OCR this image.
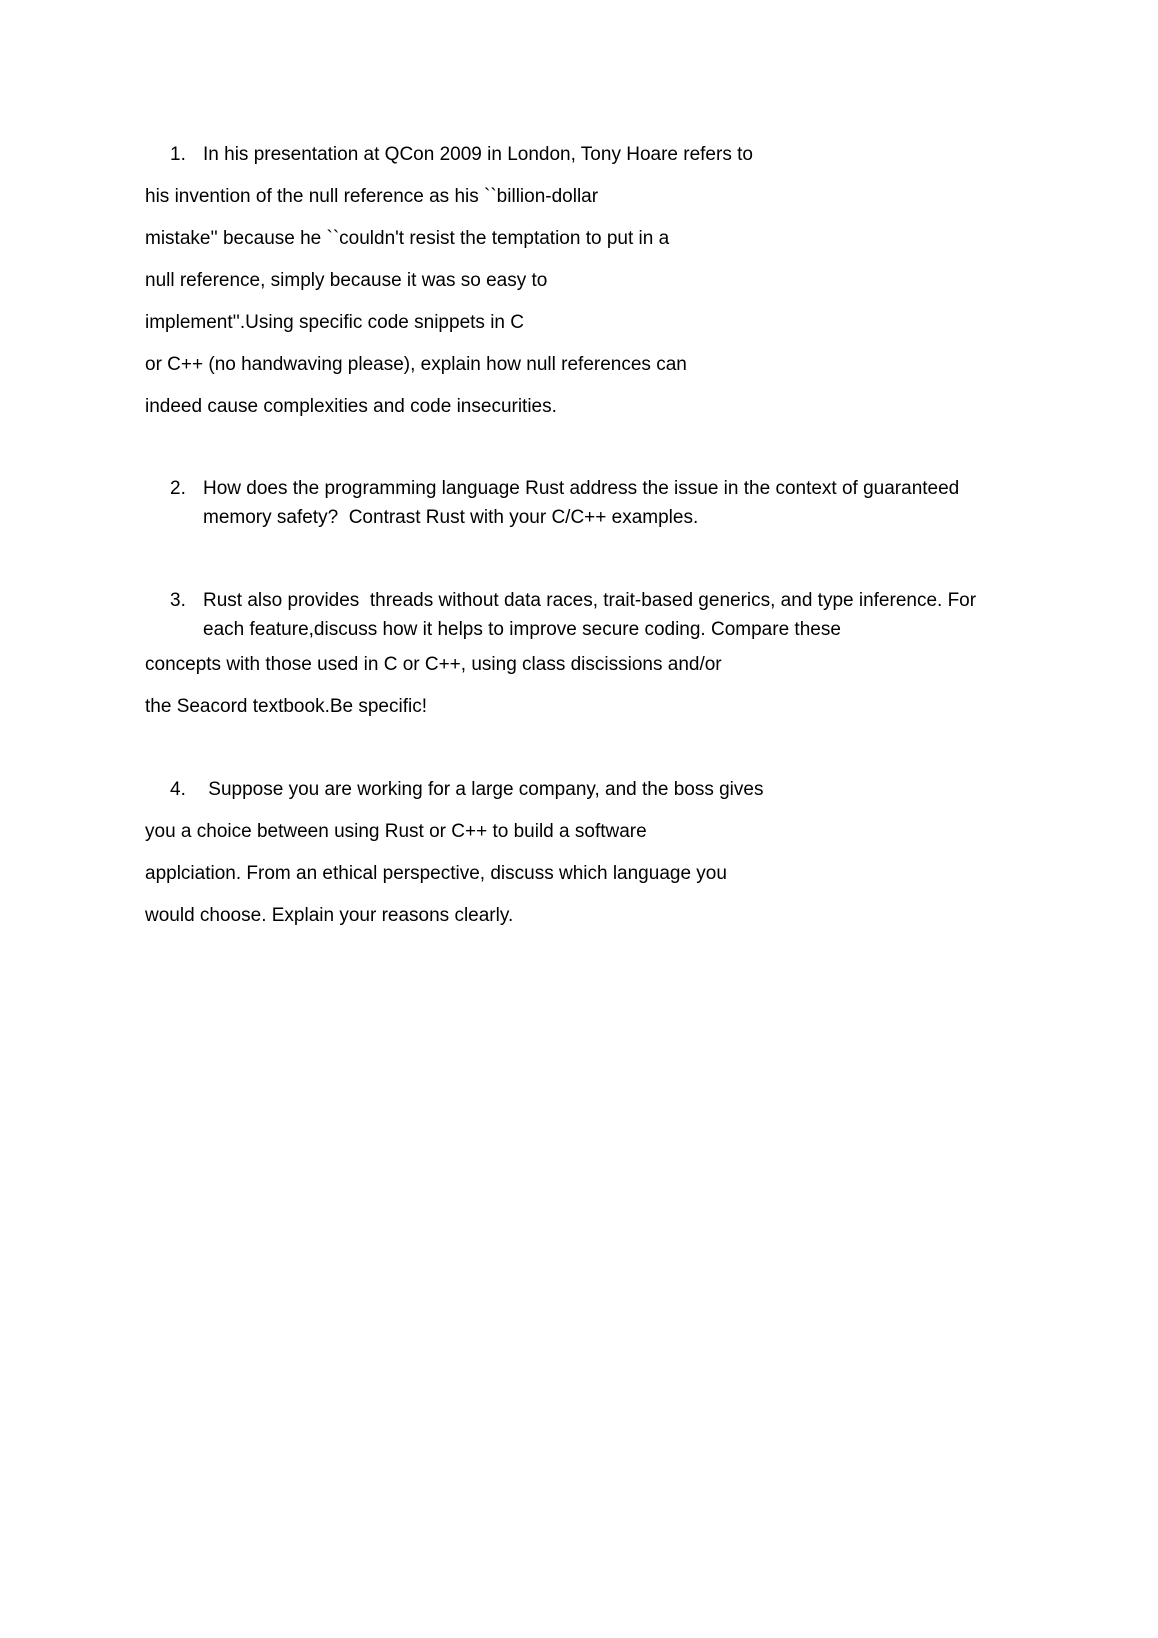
1. In his presentation at QCon 2009 in London, Tony Hoare refers to
his invention of the null reference as his ``billion-dollar
mistake'' because he ``couldn't resist the temptation to put in a
null reference, simply because it was so easy to
implement''.Using specific code snippets in C
or C++ (no handwaving please), explain how null references can
indeed cause complexities and code insecurities.
2. How does the programming language Rust address the issue in the context of guaranteed
memory safety?  Contrast Rust with your C/C++ examples.
3. Rust also provides  threads without data races, trait-based generics, and type inference. For
each feature,discuss how it helps to improve secure coding. Compare these
concepts with those used in C or C++, using class discissions and/or
the Seacord textbook.Be specific!
4. Suppose you are working for a large company, and the boss gives
you a choice between using Rust or C++ to build a software
applciation. From an ethical perspective, discuss which language you
would choose. Explain your reasons clearly.
